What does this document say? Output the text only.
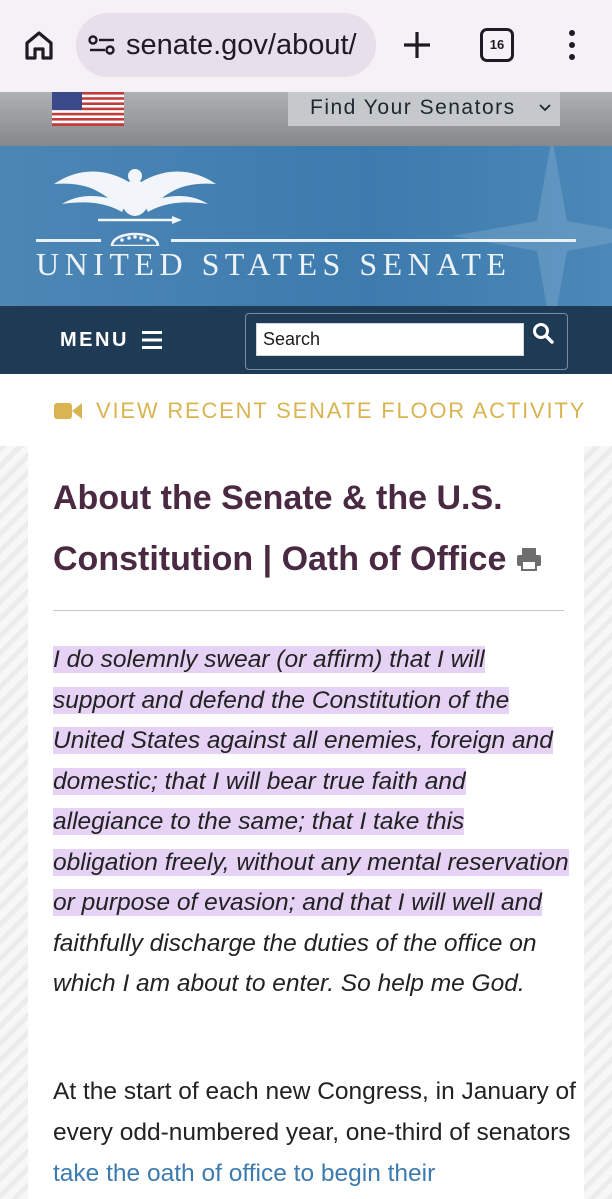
senate.gov/about/	16
Find Your Senators
UNITED STATES SENATE
MENU
Search
VIEW RECENT SENATE FLOOR ACTIVITY
About the Senate & the U.S. Constitution | Oath of Office

I do solemnly swear (or affirm) that I will support and defend the Constitution of the United States against all enemies, foreign and domestic; that I will bear true faith and allegiance to the same; that I take this obligation freely, without any mental reservation or purpose of evasion; and that I will well and faithfully discharge the duties of the office on which I am about to enter. So help me God.

At the start of each new Congress, in January of every odd-numbered year, one-third of senators take the oath of office to begin their
